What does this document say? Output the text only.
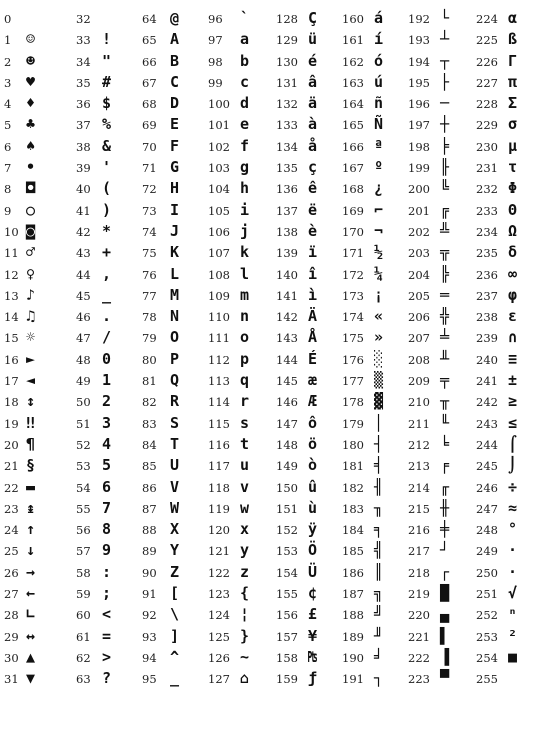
0
1 ☺
2 ☻
3 ♥
4 ♦
5 ♣
6 ♠
7 •
8 ◘
9 ○
10 ◙
11 ♂
12 ♀
13 ♪
14 ♫
15 ☼
16 ►
17 ◄
18 ↕
19 ‼
20 ¶
21 §
22 ▬
23 ↨
24 ↑
25 ↓
26 →
27 ←
28 ∟
29 ↔
30 ▲
31 ▼
32
33 !
34 "
35 #
36 $
37 %
38 &
39 '
40 (
41 )
42 *
43 +
44 ,
45 _
46 .
47 /
48 0
49 1
50 2
51 3
52 4
53 5
54 6
55 7
56 8
57 9
58 :
59 ;
60 <
61 =
62 >
63 ?
64 @
65 A
66 B
67 C
68 D
69 E
70 F
71 G
72 H
73 I
74 J
75 K
76 L
77 M
78 N
79 O
80 P
81 Q
82 R
83 S
84 T
85 U
86 V
87 W
88 X
89 Y
90 Z
91 [
92 \
93 ]
94 ^
95 _
96 `
97 a
98 b
99 c
100 d
101 e
102 f
103 g
104 h
105 i
106 j
107 k
108 l
109 m
110 n
111 o
112 p
113 q
114 r
115 s
116 t
117 u
118 v
119 w
120 x
121 y
122 z
123 {
124 ¦
125 }
126 ~
127 ⌂
128 Ç
129 ü
130 é
131 â
132 ä
133 à
134 å
135 ç
136 ê
137 ë
138 è
139 ï
140 î
141 ì
142 Ä
143 Å
144 É
145 æ
146 Æ
147 ô
148 ö
149 ò
150 û
151 ù
152 ÿ
153 Ö
154 Ü
155 ¢
156 £
157 ¥
158 ₧
159 ƒ
160 á
161 í
162 ó
163 ú
164 ñ
165 Ñ
166 ª
167 º
168 ¿
169 ⌐
170 ¬
171 ½
172 ¼
173 ¡
174 «
175 »
176 ░
177 ▒
178 ▓
179 │
180 ┤
181 ╡
182 ╢
183 ╖
184 ╕
185 ╣
186 ║
187 ╗
188 ╝
189 ╜
190 ╛
191 ┐
192 └
193 ┴
194 ┬
195 ├
196 ─
197 ┼
198 ╞
199 ╟
200 ╚
201 ╔
202 ╩
203 ╦
204 ╠
205 ═
206 ╬
207 ╧
208 ╨
209 ╤
210 ╥
211 ╙
212 ╘
213 ╒
214 ╓
215 ╫
216 ╪
217 ┘
218 ┌
219 █
220 ▄
221 ▌
222 ▐
223 ▀
224 α
225 ß
226 Γ
227 π
228 Σ
229 σ
230 µ
231 τ
232 Φ
233 Θ
234 Ω
235 δ
236 ∞
237 φ
238 ε
239 ∩
240 ≡
241 ±
242 ≥
243 ≤
244 ⌠
245 ⌡
246 ÷
247 ≈
248 °
249 ·
250 ·
251 √
252 ⁿ
253 ²
254 ■
255
